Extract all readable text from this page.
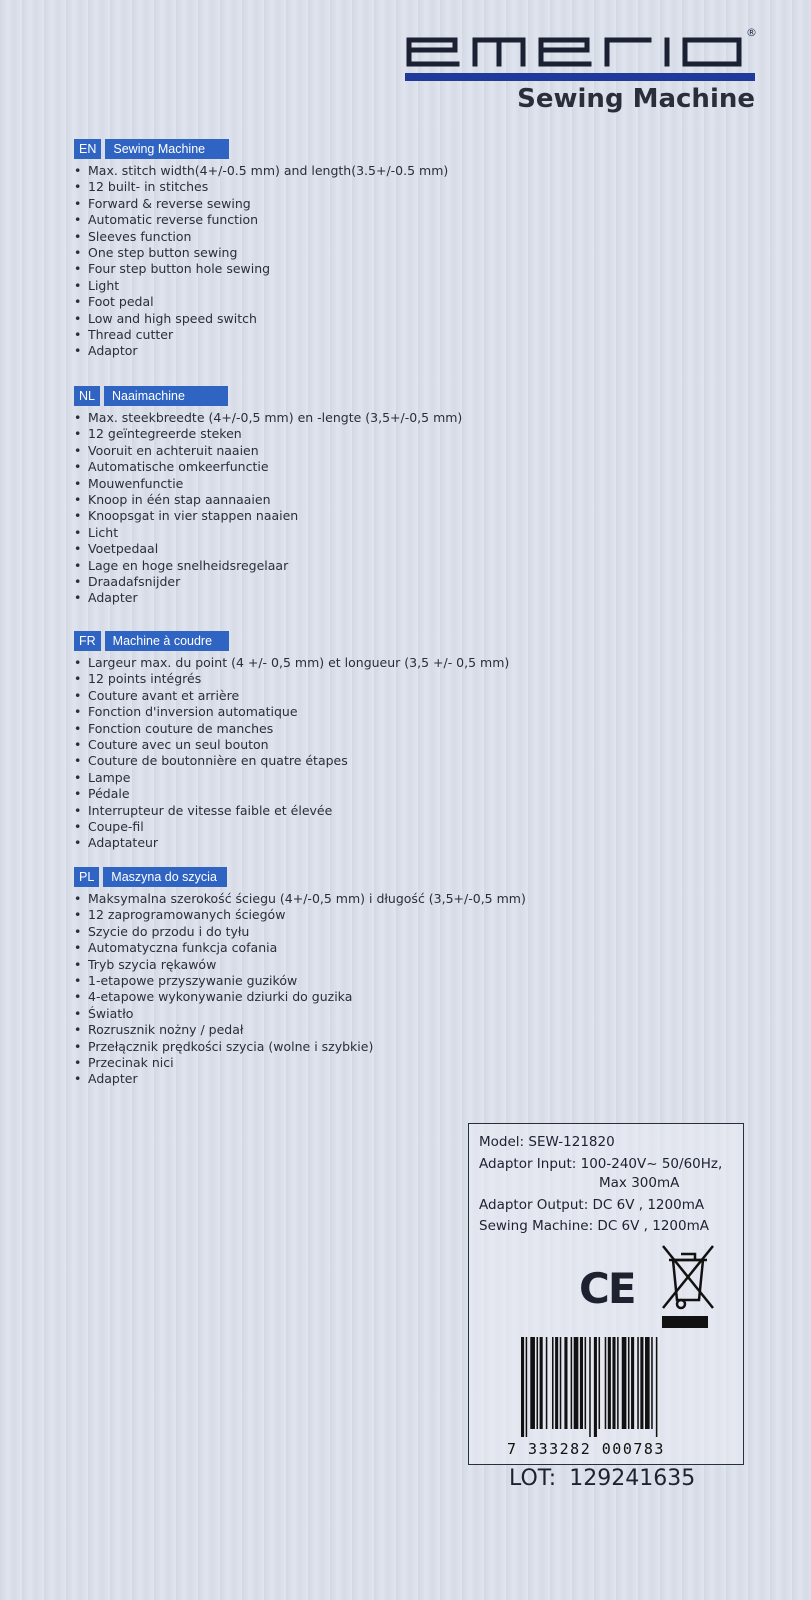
®
Sewing Machine
EN	Sewing Machine
• Max. stitch width(4+/-0.5 mm) and length(3.5+/-0.5 mm)
• 12 built- in stitches
• Forward & reverse sewing
• Automatic reverse function
• Sleeves function
• One step button sewing
• Four step button hole sewing
• Light
• Foot pedal
• Low and high speed switch
• Thread cutter
• Adaptor
NL	Naaimachine
• Max. steekbreedte (4+/-0,5 mm) en -lengte (3,5+/-0,5 mm)
• 12 geïntegreerde steken
• Vooruit en achteruit naaien
• Automatische omkeerfunctie
• Mouwenfunctie
• Knoop in één stap aannaaien
• Knoopsgat in vier stappen naaien
• Licht
• Voetpedaal
• Lage en hoge snelheidsregelaar
• Draadafsnijder
• Adapter
FR	Machine à coudre
• Largeur max. du point (4 +/- 0,5 mm) et longueur (3,5 +/- 0,5 mm)
• 12 points intégrés
• Couture avant et arrière
• Fonction d'inversion automatique
• Fonction couture de manches
• Couture avec un seul bouton
• Couture de boutonnière en quatre étapes
• Lampe
• Pédale
• Interrupteur de vitesse faible et élevée
• Coupe-fil
• Adaptateur
PL	Maszyna do szycia
• Maksymalna szerokość ściegu (4+/-0,5 mm) i długość (3,5+/-0,5 mm)
• 12 zaprogramowanych ściegów
• Szycie do przodu i do tyłu
• Automatyczna funkcja cofania
• Tryb szycia rękawów
• 1-etapowe przyszywanie guzików
• 4-etapowe wykonywanie dziurki do guzika
• Światło
• Rozrusznik nożny / pedał
• Przełącznik prędkości szycia (wolne i szybkie)
• Przecinak nici
• Adapter
Model: SEW-121820
Adaptor Input: 100-240V~ 50/60Hz,
Max 300mA
Adaptor Output: DC 6V , 1200mA
Sewing Machine: DC 6V , 1200mA
CE
7 333282 000783
LOT: 129241635
